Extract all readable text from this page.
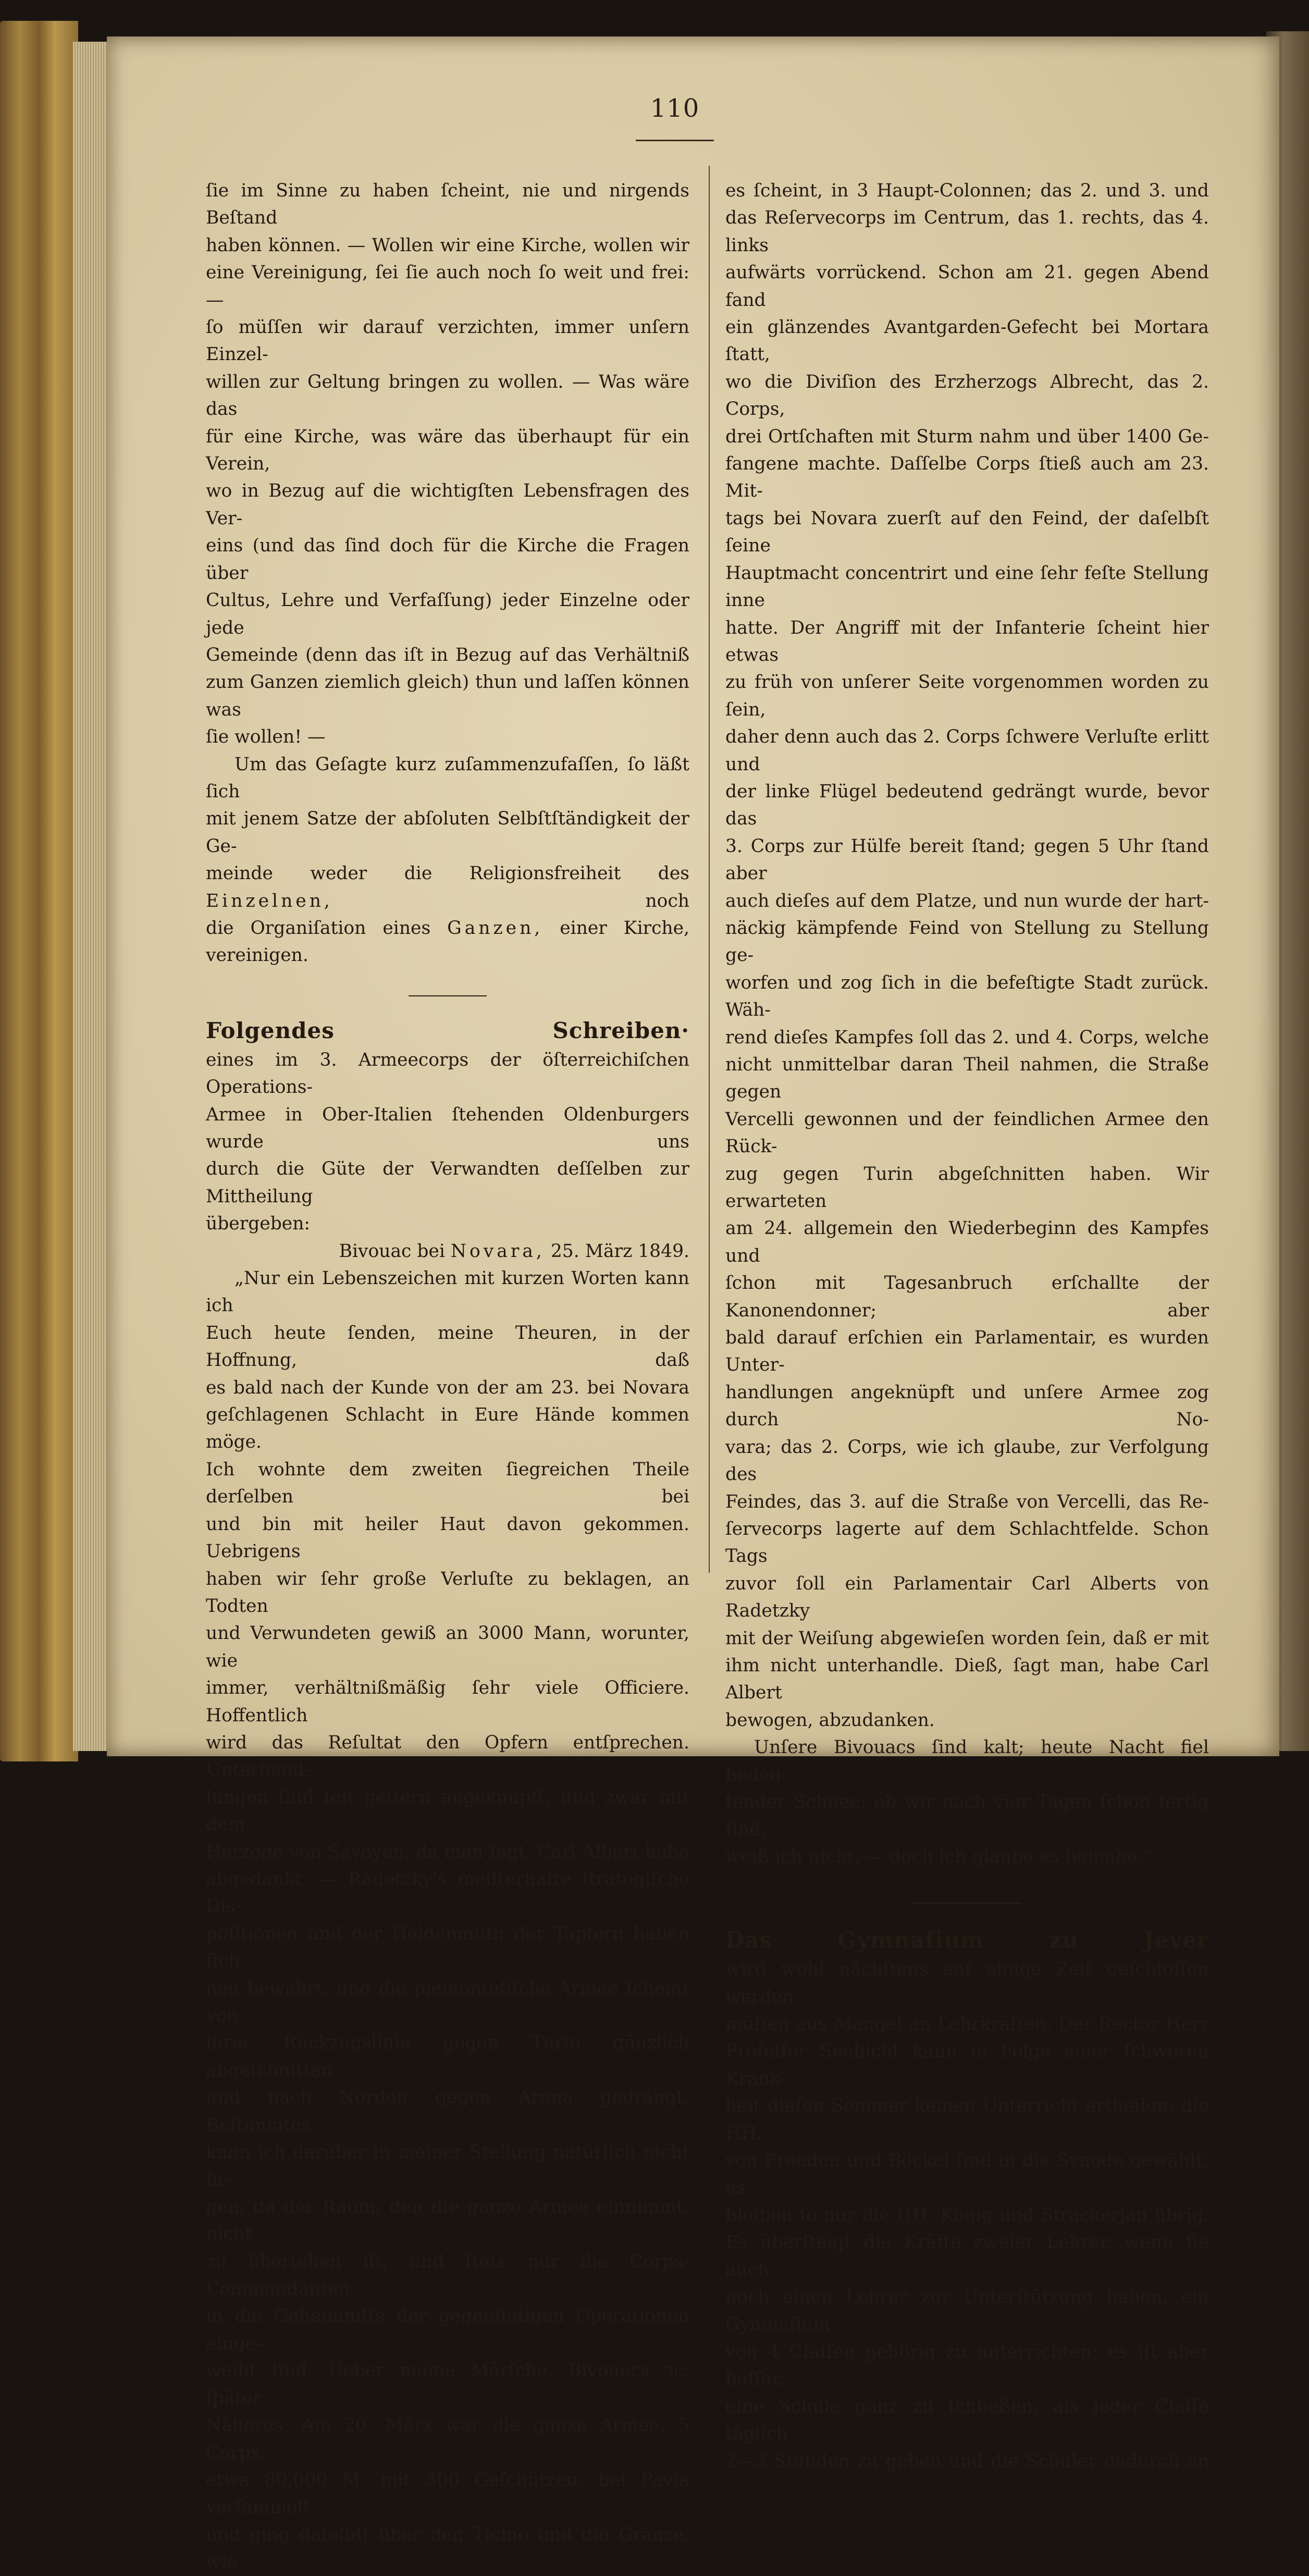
110

ſie im Sinne zu haben ſcheint, nie und nirgends Beſtand

haben können. — Wollen wir eine Kirche, wollen wir

eine Vereinigung, ſei ſie auch noch ſo weit und frei: —

ſo müſſen wir darauf verzichten, immer unſern Einzel-

willen zur Geltung bringen zu wollen. — Was wäre das

für eine Kirche, was wäre das überhaupt für ein Verein,

wo in Bezug auf die wichtigſten Lebensfragen des Ver-

eins (und das ſind doch für die Kirche die Fragen über

Cultus, Lehre und Verfaſſung) jeder Einzelne oder jede

Gemeinde (denn das iſt in Bezug auf das Verhältniß

zum Ganzen ziemlich gleich) thun und laſſen können was

ſie wollen! —

Um das Geſagte kurz zuſammenzufaſſen, ſo läßt ſich

mit jenem Satze der abſoluten Selbſtſtändigkeit der Ge-

meinde weder die Religionsfreiheit des Einzelnen,	noch

die Organiſation eines Ganzen, einer Kirche, vereinigen.

Folgendes Schreiben·

eines im 3. Armeecorps der öſterreichiſchen Operations-

Armee in Ober-Italien ſtehenden Oldenburgers wurde uns

durch die Güte der Verwandten deſſelben zur Mittheilung

übergeben:

Bivouac bei Novara, 25. März 1849.

„Nur ein Lebenszeichen mit kurzen Worten kann ich

Euch heute ſenden, meine Theuren, in der Hoffnung, daß

es bald nach der Kunde von der am 23. bei Novara

geſchlagenen Schlacht in Eure Hände kommen möge.

Ich wohnte dem zweiten ſiegreichen Theile derſelben bei

und bin mit heiler Haut davon gekommen. Uebrigens

haben wir ſehr große Verluſte zu beklagen, an Todten

und Verwundeten gewiß an 3000 Mann, worunter, wie

immer, verhältnißmäßig ſehr viele Officiere. Hoffentlich

wird das Reſultat den Opfern entſprechen. Unterhand-

lungen ſind ſeit geſtern angeknüpft, und zwar mit dem

Herzoge von Savoyen, da man ſagt, Carl Albert habe

abgedankt. — Radetzky's meiſterhafte ſtrategiſche Dis-

poſitionen und der Heldenmuth der Tapfern haben ſich

neu bewährt, und die piemonteſiſche Armee ſcheint von

ihrer Rückzugslinie gegen Turin gänzlich abgeſchnitten

und nach Norden gegen Arona gedrängt. Beſtimmtes

kann ich darüber in meiner Stellung natürlich nicht ſa-

gen, da der Raum, den die ganze Armee einnimmt, nicht

zu überſehen iſt, und ſtets nur die Corps-Commandanten

in die Geheimniſſe der gegenſeitigen Operationen einge-

weiht ſind. Ueber meine Märſche, Bivouacs ꝛc. ſpäter

Näheres. Am 20. März war die ganze Armee, 5 Corps,

etwa 80,000 M. mit 300 Geſchützen, bei Pavia verſammelt

und ging daſelbſt über den Ticino und die Gränze, wie

es ſcheint, in 3 Haupt-Colonnen; das 2. und 3. und

das Reſervecorps im Centrum, das 1. rechts, das 4. links

aufwärts vorrückend. Schon am 21. gegen Abend fand

ein glänzendes Avantgarden-Gefecht bei Mortara ſtatt,

wo die Diviſion des Erzherzogs Albrecht, das 2. Corps,

drei Ortſchaften mit Sturm nahm und über 1400 Ge-

fangene machte. Daſſelbe Corps ſtieß auch am 23. Mit-

tags bei Novara zuerſt auf den Feind, der daſelbſt ſeine

Hauptmacht concentrirt und eine ſehr feſte Stellung inne

hatte. Der Angriff mit der Infanterie ſcheint hier etwas

zu früh von unſerer Seite vorgenommen worden zu ſein,

daher denn auch das 2. Corps ſchwere Verluſte erlitt und

der linke Flügel bedeutend gedrängt wurde, bevor das

3. Corps zur Hülfe bereit ſtand; gegen 5 Uhr ſtand aber

auch dieſes auf dem Platze, und nun wurde der hart-

näckig kämpfende Feind von Stellung zu Stellung ge-

worfen und zog ſich in die befeſtigte Stadt zurück. Wäh-

rend dieſes Kampfes ſoll das 2. und 4. Corps, welche

nicht unmittelbar daran Theil nahmen, die Straße gegen

Vercelli gewonnen und der feindlichen Armee den Rück-

zug gegen Turin abgeſchnitten haben. Wir erwarteten

am 24. allgemein den Wiederbeginn des Kampfes und

ſchon mit Tagesanbruch erſchallte der Kanonendonner; aber

bald darauf erſchien ein Parlamentair, es wurden Unter-

handlungen angeknüpft und unſere Armee zog durch No-

vara; das 2. Corps, wie ich glaube, zur Verfolgung des

Feindes, das 3. auf die Straße von Vercelli, das Re-

ſervecorps lagerte auf dem Schlachtfelde. Schon Tags

zuvor ſoll ein Parlamentair Carl Alberts von Radetzky

mit der Weiſung abgewieſen worden ſein, daß er mit

ihm nicht unterhandle. Dieß, ſagt man, habe Carl Albert

bewogen, abzudanken.

Unſere Bivouacs ſind kalt; heute Nacht fiel bedeu-

tender Schnee; ob wir nach vier Tagen ſchon fertig ſind,

weiß ich nicht, — doch ich glaube es beinahe.“

Das Gymnaſium zu Jever

wird wohl nächſtens auf einige Zeit geſchloſſen werden

müſſen aus Mangel an Lehrkräften. Der Rector Herr

Profeſſor Seebicht kann in Folge einer ſchweren Krank-

heit dieſen Sommer keinen Unterricht ertheilen; die HH.

von Freeden und Böckel ſind in die Synode gewählt; es

bleiben ſo nur die HH. König und Strackerjan übrig.

Es überſteigt die Kräfte zweier Lehrer, wenn ſie auch

noch einen Lehrer zur Unterſtützung haben, ein Gymnaſium

von 4 Claſſen gehörig zu unterrichten; es iſt aber beſſer,

eine Schule ganz zu ſchließen, als jeder Claſſe täglich

2—3 Stunden zu geben und die Schüler dadurch an
